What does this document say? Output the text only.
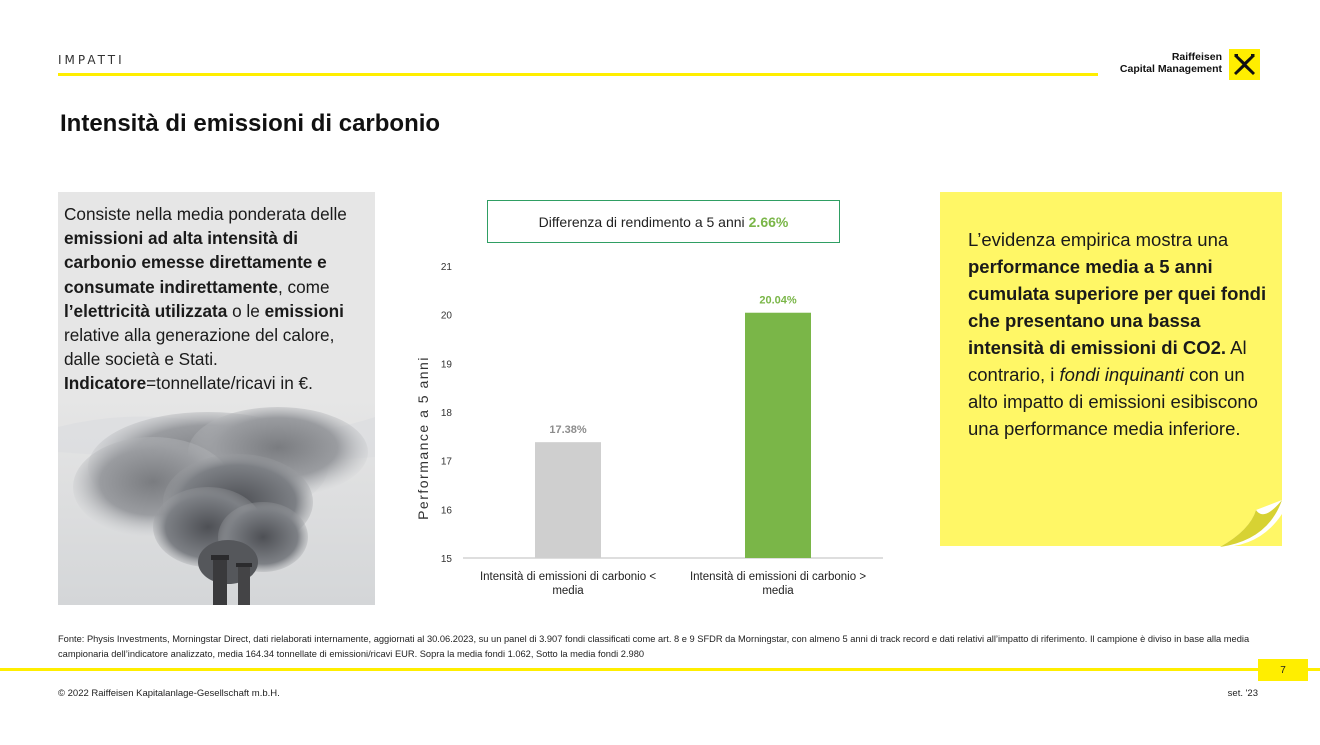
IMPATTI	Raiffeisen
Capital Management
Intensità di emissioni di carbonio
Consiste nella media ponderata delle emissioni ad alta intensità di carbonio emesse direttamente e consumate indirettamente, come l’elettricità utilizzata o le emissioni relative alla generazione del calore, dalle società e Stati. Indicatore=tonnellate/ricavi in €.
Differenza di rendimento a 5 anni 2.66%
Performance a 5 anni
15
16
17
18
19
20
21
17.38%
20.04%
Intensità di emissioni di carbonio < media
Intensità di emissioni di carbonio > media
L’evidenza empirica mostra una performance media a 5 anni cumulata superiore per quei fondi che presentano una bassa intensità di emissioni di CO2. Al contrario, i fondi inquinanti con un alto impatto di emissioni esibiscono una performance media inferiore.
Fonte: Physis Investments, Morningstar Direct, dati rielaborati internamente, aggiornati al 30.06.2023, su un panel di 3.907 fondi classificati come art. 8 e 9 SFDR da Morningstar, con almeno 5 anni di track record e dati relativi all’impatto di riferimento. Il campione è diviso in base alla media campionaria dell’indicatore analizzato, media 164.34 tonnellate di emissioni/ricavi EUR. Sopra la media fondi 1.062, Sotto la media fondi 2.980
7
© 2022 Raiffeisen Kapitalanlage-Gesellschaft m.b.H.	set. '23
